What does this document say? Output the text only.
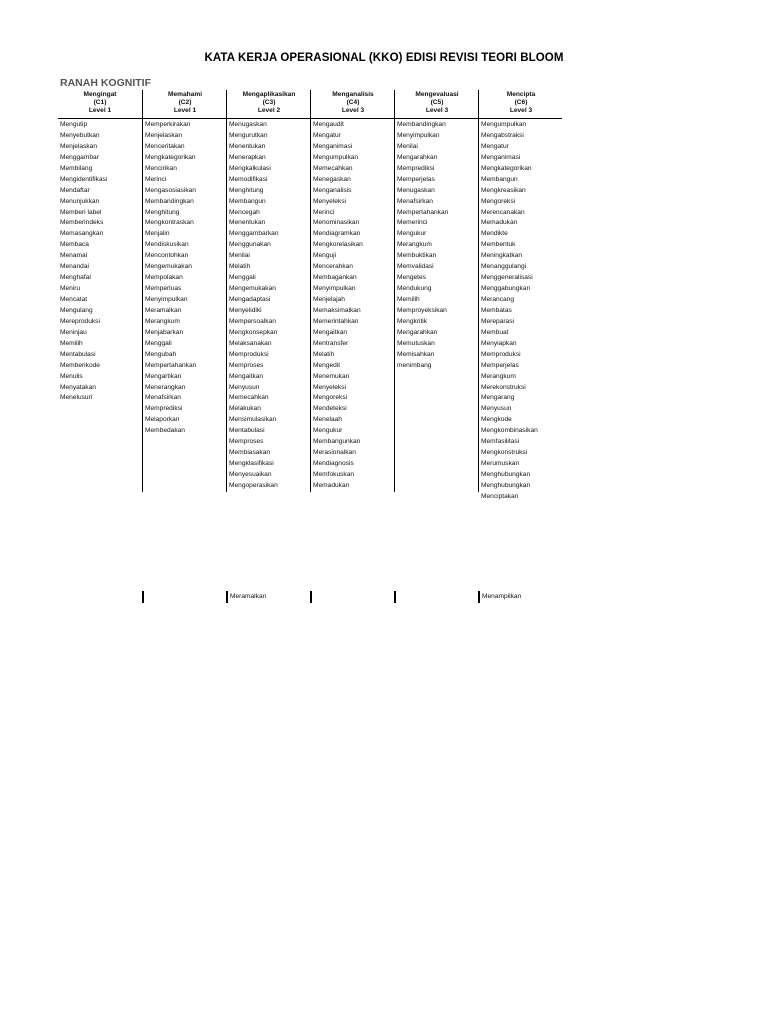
KATA KERJA OPERASIONAL (KKO) EDISI REVISI TEORI BLOOM
RANAH KOGNITIF
Mengingat
(C1)
Level 1
Mengutip
Menyebutkan
Menjelaskan
Menggambar
Membilang
Mengidentifikasi
Mendaftar
Menunjukkan
Memberi label
Memberindeks
Memasangkan
Membaca
Menamai
Menandai
Menghafal
Meniru
Mencatat
Mengulang
Mereproduksi
Meninjau
Memilih
Mentabulasi
Memberikode
Menulis
Menyatakan
Menelusuri
Memahami
(C2)
Level 1
Memperkirakan
Menjelaskan
Menceritakan
Mengkategorikan
Mencirikan
Merinci
Mengasosiasikan
Membandingkan
Menghitung
Mengkontraskan
Menjalin
Mendiskusikan
Mencontohkan
Mengemukakan
Mempolakan
Memperluas
Menyimpulkan
Meramalkan
Merangkum
Menjabarkan
Menggali
Mengubah
Mempertahankan
Mengartikan
Menerangkan
Menafsirkan
Memprediksi
Melaporkan
Membedakan
Mengaplikasikan
(C3)
Level 2
Menugaskan
Mengurutkan
Menentukan
Menerapkan
Mengkalkulasi
Memodifikasi
Menghitung
Membangun
Mencegah
Menentukan
Menggambarkan
Menggunakan
Menilai
Melatih
Menggali
Mengemukakan
Mengadaptasi
Menyelidiki
Mempersoalkan
Mengkonsepkan
Melaksanakan
Memproduksi
Memproses
Mengaitkan
Menyusun
Memecahkan
Melakukan
Mensimulasikan
Mentabulasi
Memproses
Membiasakan
Mengklasifikasi
Menyesuaikan
Mengoperasikan
Menganalisis
(C4)
Level 3
Mengaudit
Mengatur
Menganimasi
Mengumpulkan
Memecahkan
Menegaskan
Menganalisis
Menyeleksi
Merinci
Menominasikan
Mendiagramkan
Mengkorelasikan
Menguji
Mencerahkan
Membagankan
Menyimpulkan
Menjelajah
Memaksimalkan
Memerintahkan
Mengaitkan
Mentransfer
Melatih
Mengedit
Menemukan
Menyeleksi
Mengoreksi
Mendeteksi
Menelaah
Mengukur
Membangunkan
Merasionalkan
Mendiagnosis
Memfokuskan
Memadukan
Mengevaluasi
(C5)
Level 3
Membandingkan
Menyimpulkan
Menilai
Mengarahkan
Memprediksi
Memperjelas
Menugaskan
Menafsirkan
Mempertahankan
Memerinci
Mengukur
Merangkum
Membuktikan
Memvalidasi
Mengetes
Mendukung
Memilih
Memproyeksikan
Mengkritik
Mengarahkan
Memutuskan
Memisahkan
menimbang
Mencipta
(C6)
Level 3
Mengumpulkan
Mengabstraksi
Mengatur
Menganimasi
Mengkategorikan
Membangun
Mengkreasikan
Mengoreksi
Merencanakan
Memadukan
Mendikte
Membentuk
Meningkatkan
Menanggulangi
Menggeneralisasi
Menggabungkan
Merancang
Membatas
Mereparasi
Membuat
Menyiapkan
Memproduksi
Memperjelas
Merangkum
Merekonstruksi
Mengarang
Menyusun
Mengkode
Mengkombinasikan
Memfasilitasi
Mengkonstruksi
Merumuskan
Menghubungkan
Menghubungkan
Menciptakan
Meramalkan	Menampilkan
